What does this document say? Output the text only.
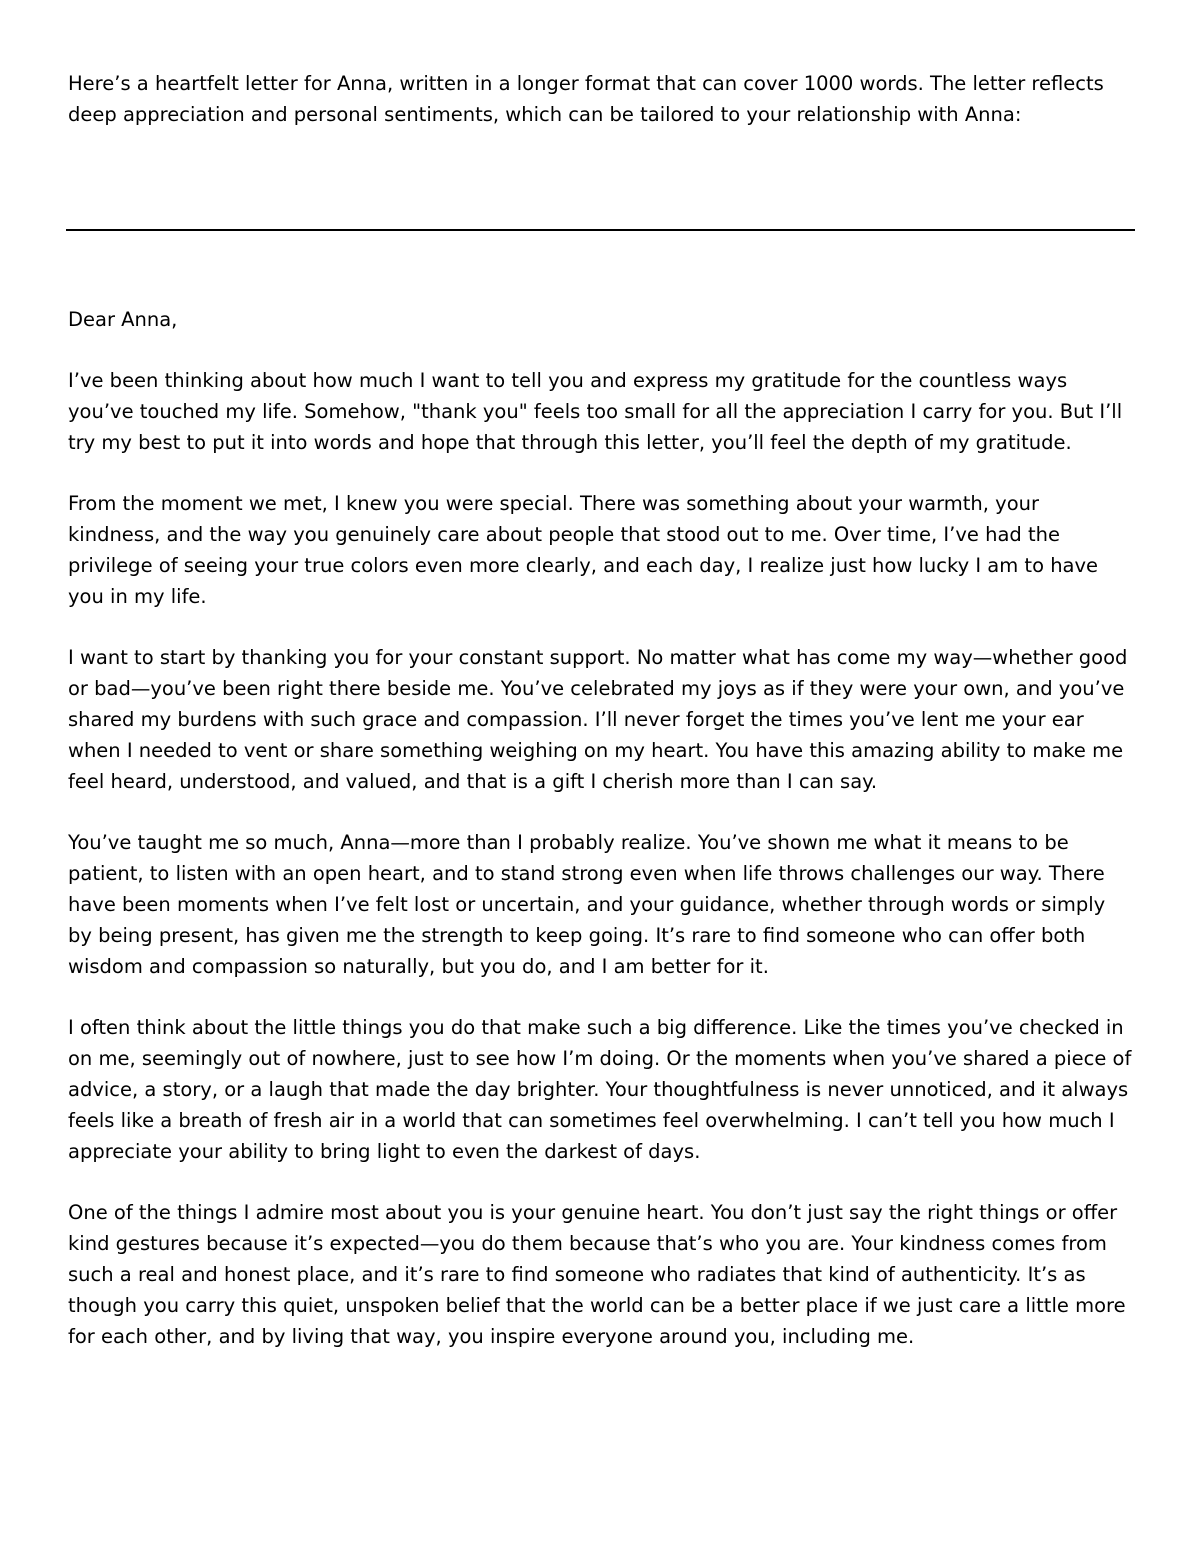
Here’s a heartfelt letter for Anna, written in a longer format that can cover 1000 words. The letter reflects deep appreciation and personal sentiments, which can be tailored to your relationship with Anna:

Dear Anna,

I’ve been thinking about how much I want to tell you and express my gratitude for the countless ways you’ve touched my life. Somehow, "thank you" feels too small for all the appreciation I carry for you. But I’ll try my best to put it into words and hope that through this letter, you’ll feel the depth of my gratitude.

From the moment we met, I knew you were special. There was something about your warmth, your kindness, and the way you genuinely care about people that stood out to me. Over time, I’ve had the privilege of seeing your true colors even more clearly, and each day, I realize just how lucky I am to have you in my life.

I want to start by thanking you for your constant support. No matter what has come my way—whether good or bad—you’ve been right there beside me. You’ve celebrated my joys as if they were your own, and you’ve shared my burdens with such grace and compassion. I’ll never forget the times you’ve lent me your ear when I needed to vent or share something weighing on my heart. You have this amazing ability to make me feel heard, understood, and valued, and that is a gift I cherish more than I can say.

You’ve taught me so much, Anna—more than I probably realize. You’ve shown me what it means to be patient, to listen with an open heart, and to stand strong even when life throws challenges our way. There have been moments when I’ve felt lost or uncertain, and your guidance, whether through words or simply by being present, has given me the strength to keep going. It’s rare to find someone who can offer both wisdom and compassion so naturally, but you do, and I am better for it.

I often think about the little things you do that make such a big difference. Like the times you’ve checked in on me, seemingly out of nowhere, just to see how I’m doing. Or the moments when you’ve shared a piece of advice, a story, or a laugh that made the day brighter. Your thoughtfulness is never unnoticed, and it always feels like a breath of fresh air in a world that can sometimes feel overwhelming. I can’t tell you how much I appreciate your ability to bring light to even the darkest of days.

One of the things I admire most about you is your genuine heart. You don’t just say the right things or offer kind gestures because it’s expected—you do them because that’s who you are. Your kindness comes from such a real and honest place, and it’s rare to find someone who radiates that kind of authenticity. It’s as though you carry this quiet, unspoken belief that the world can be a better place if we just care a little more for each other, and by living that way, you inspire everyone around you, including me.
